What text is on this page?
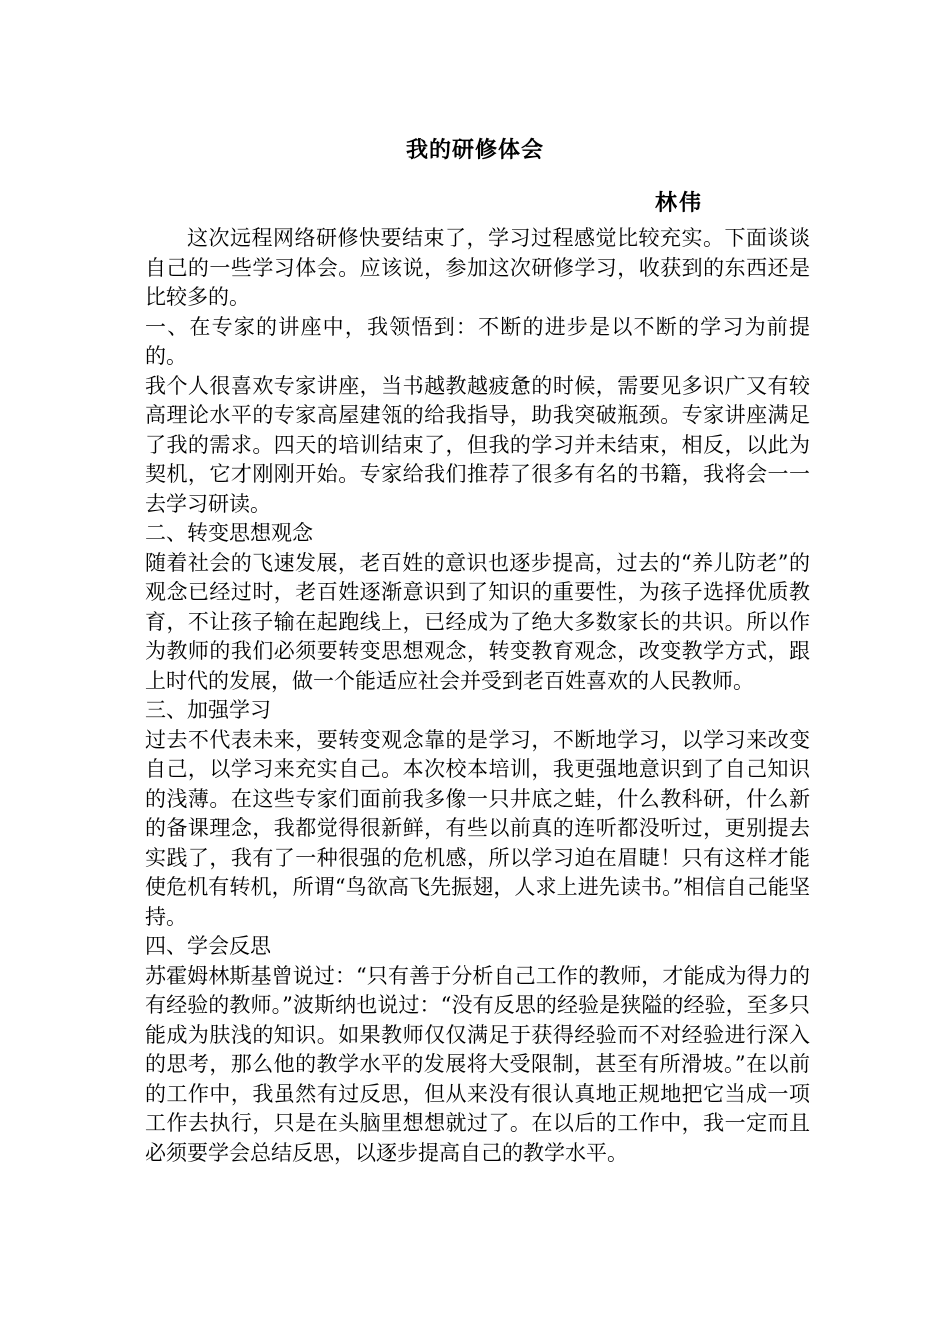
我的研修体会
林伟

这次远程网络研修快要结束了，学习过程感觉比较充实。下面谈谈自己的一些学习体会。应该说，参加这次研修学习，收获到的东西还是比较多的。

一、在专家的讲座中，我领悟到：不断的进步是以不断的学习为前提的。

我个人很喜欢专家讲座，当书越教越疲惫的时候，需要见多识广又有较高理论水平的专家高屋建瓴的给我指导，助我突破瓶颈。专家讲座满足了我的需求。四天的培训结束了，但我的学习并未结束，相反，以此为契机，它才刚刚开始。专家给我们推荐了很多有名的书籍，我将会一一去学习研读。

二、转变思想观念

随着社会的飞速发展，老百姓的意识也逐步提高，过去的“养儿防老”的观念已经过时，老百姓逐渐意识到了知识的重要性，为孩子选择优质教育，不让孩子输在起跑线上，已经成为了绝大多数家长的共识。所以作为教师的我们必须要转变思想观念，转变教育观念，改变教学方式，跟上时代的发展，做一个能适应社会并受到老百姓喜欢的人民教师。

三、加强学习

过去不代表未来，要转变观念靠的是学习，不断地学习，以学习来改变自己，以学习来充实自己。本次校本培训，我更强地意识到了自己知识的浅薄。在这些专家们面前我多像一只井底之蛙，什么教科研，什么新的备课理念，我都觉得很新鲜，有些以前真的连听都没听过，更别提去实践了，我有了一种很强的危机感，所以学习迫在眉睫！只有这样才能使危机有转机，所谓“鸟欲高飞先振翅，人求上进先读书。”相信自己能坚持。

四、学会反思

苏霍姆林斯基曾说过：“只有善于分析自己工作的教师，才能成为得力的有经验的教师。”波斯纳也说过：“没有反思的经验是狭隘的经验，至多只能成为肤浅的知识。如果教师仅仅满足于获得经验而不对经验进行深入的思考，那么他的教学水平的发展将大受限制，甚至有所滑坡。”在以前的工作中，我虽然有过反思，但从来没有很认真地正规地把它当成一项工作去执行，只是在头脑里想想就过了。在以后的工作中，我一定而且必须要学会总结反思，以逐步提高自己的教学水平。
